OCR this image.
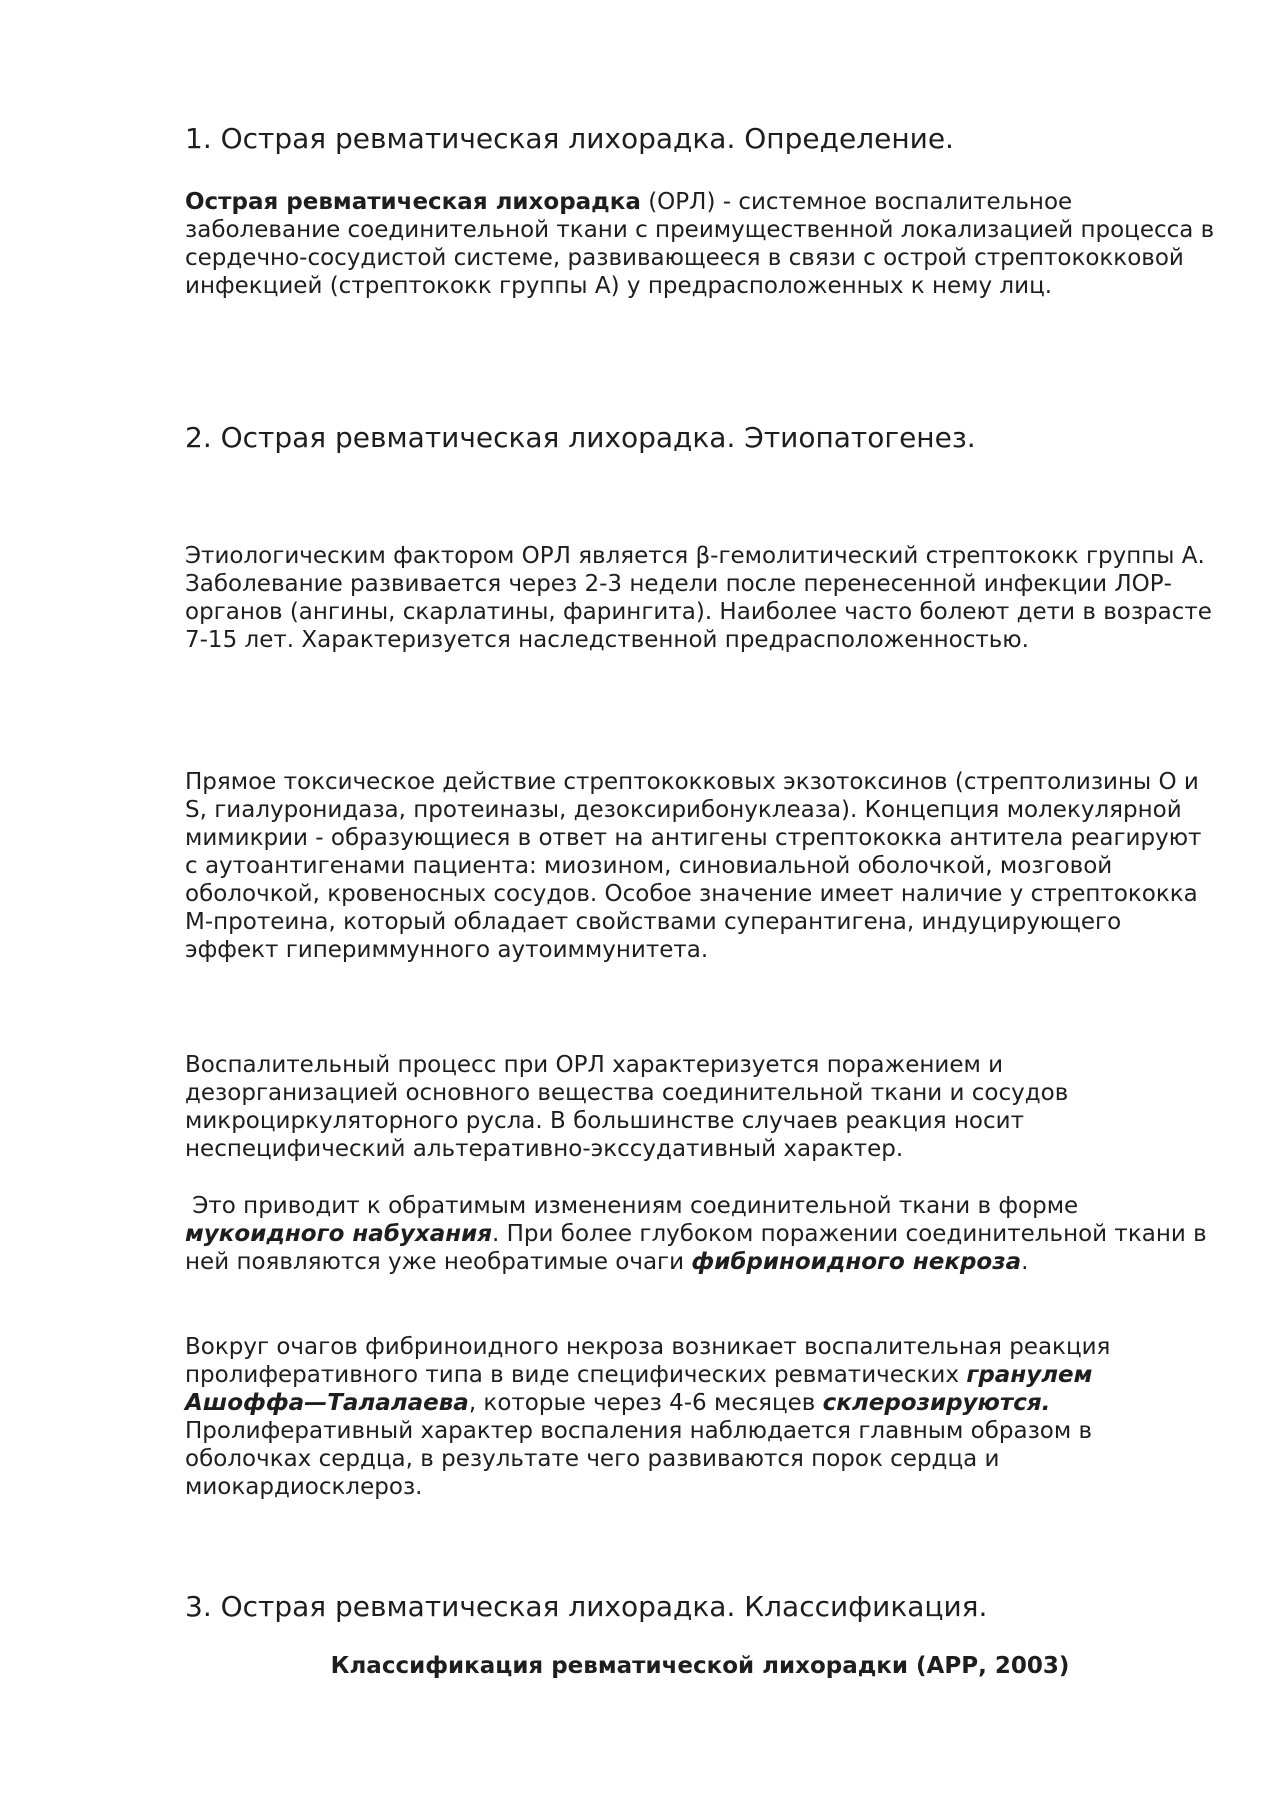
1. Острая ревматическая лихорадка. Определение.

Острая ревматическая лихорадка (ОРЛ) - системное воспалительное заболевание соединительной ткани с преимущественной локализацией процесса в сердечно-сосудистой системе, развивающееся в связи с острой стрептококковой инфекцией (стрептококк группы А) у предрасположенных к нему лиц.

2. Острая ревматическая лихорадка. Этиопатогенез.

Этиологическим фактором ОРЛ является β-гемолитический стрептококк группы А. Заболевание развивается через 2-3 недели после перенесенной инфекции ЛОР-органов (ангины, скарлатины, фарингита). Наиболее часто болеют дети в возрасте 7-15 лет. Характеризуется наследственной предрасположенностью.

Прямое токсическое действие стрептококковых экзотоксинов (стрептолизины О и S, гиалуронидаза, протеиназы, дезоксирибонуклеаза). Концепция молекулярной мимикрии - образующиеся в ответ на антигены стрептококка антитела реагируют с аутоантигенами пациента: миозином, синовиальной оболочкой, мозговой оболочкой, кровеносных сосудов. Особое значение имеет наличие у стрептококка М-протеина, который обладает свойствами суперантигена, индуцирующего эффект гипериммунного аутоиммунитета.

Воспалительный процесс при ОРЛ характеризуется поражением и дезорганизацией основного вещества соединительной ткани и сосудов микроциркуляторного русла. В большинстве случаев реакция носит неспецифический альтеративно-экссудативный характер.

Это приводит к обратимым изменениям соединительной ткани в форме мукоидного набухания. При более глубоком поражении соединительной ткани в ней появляются уже необратимые очаги фибриноидного некроза.

Вокруг очагов фибриноидного некроза возникает воспалительная реакция пролиферативного типа в виде специфических ревматических гранулем Ашоффа—Талалаева, которые через 4-6 месяцев склерозируются. Пролиферативный характер воспаления наблюдается главным образом в оболочках сердца, в результате чего развиваются порок сердца и миокардиосклероз.

3. Острая ревматическая лихорадка. Классификация.

Классификация ревматической лихорадки (АРР, 2003)
